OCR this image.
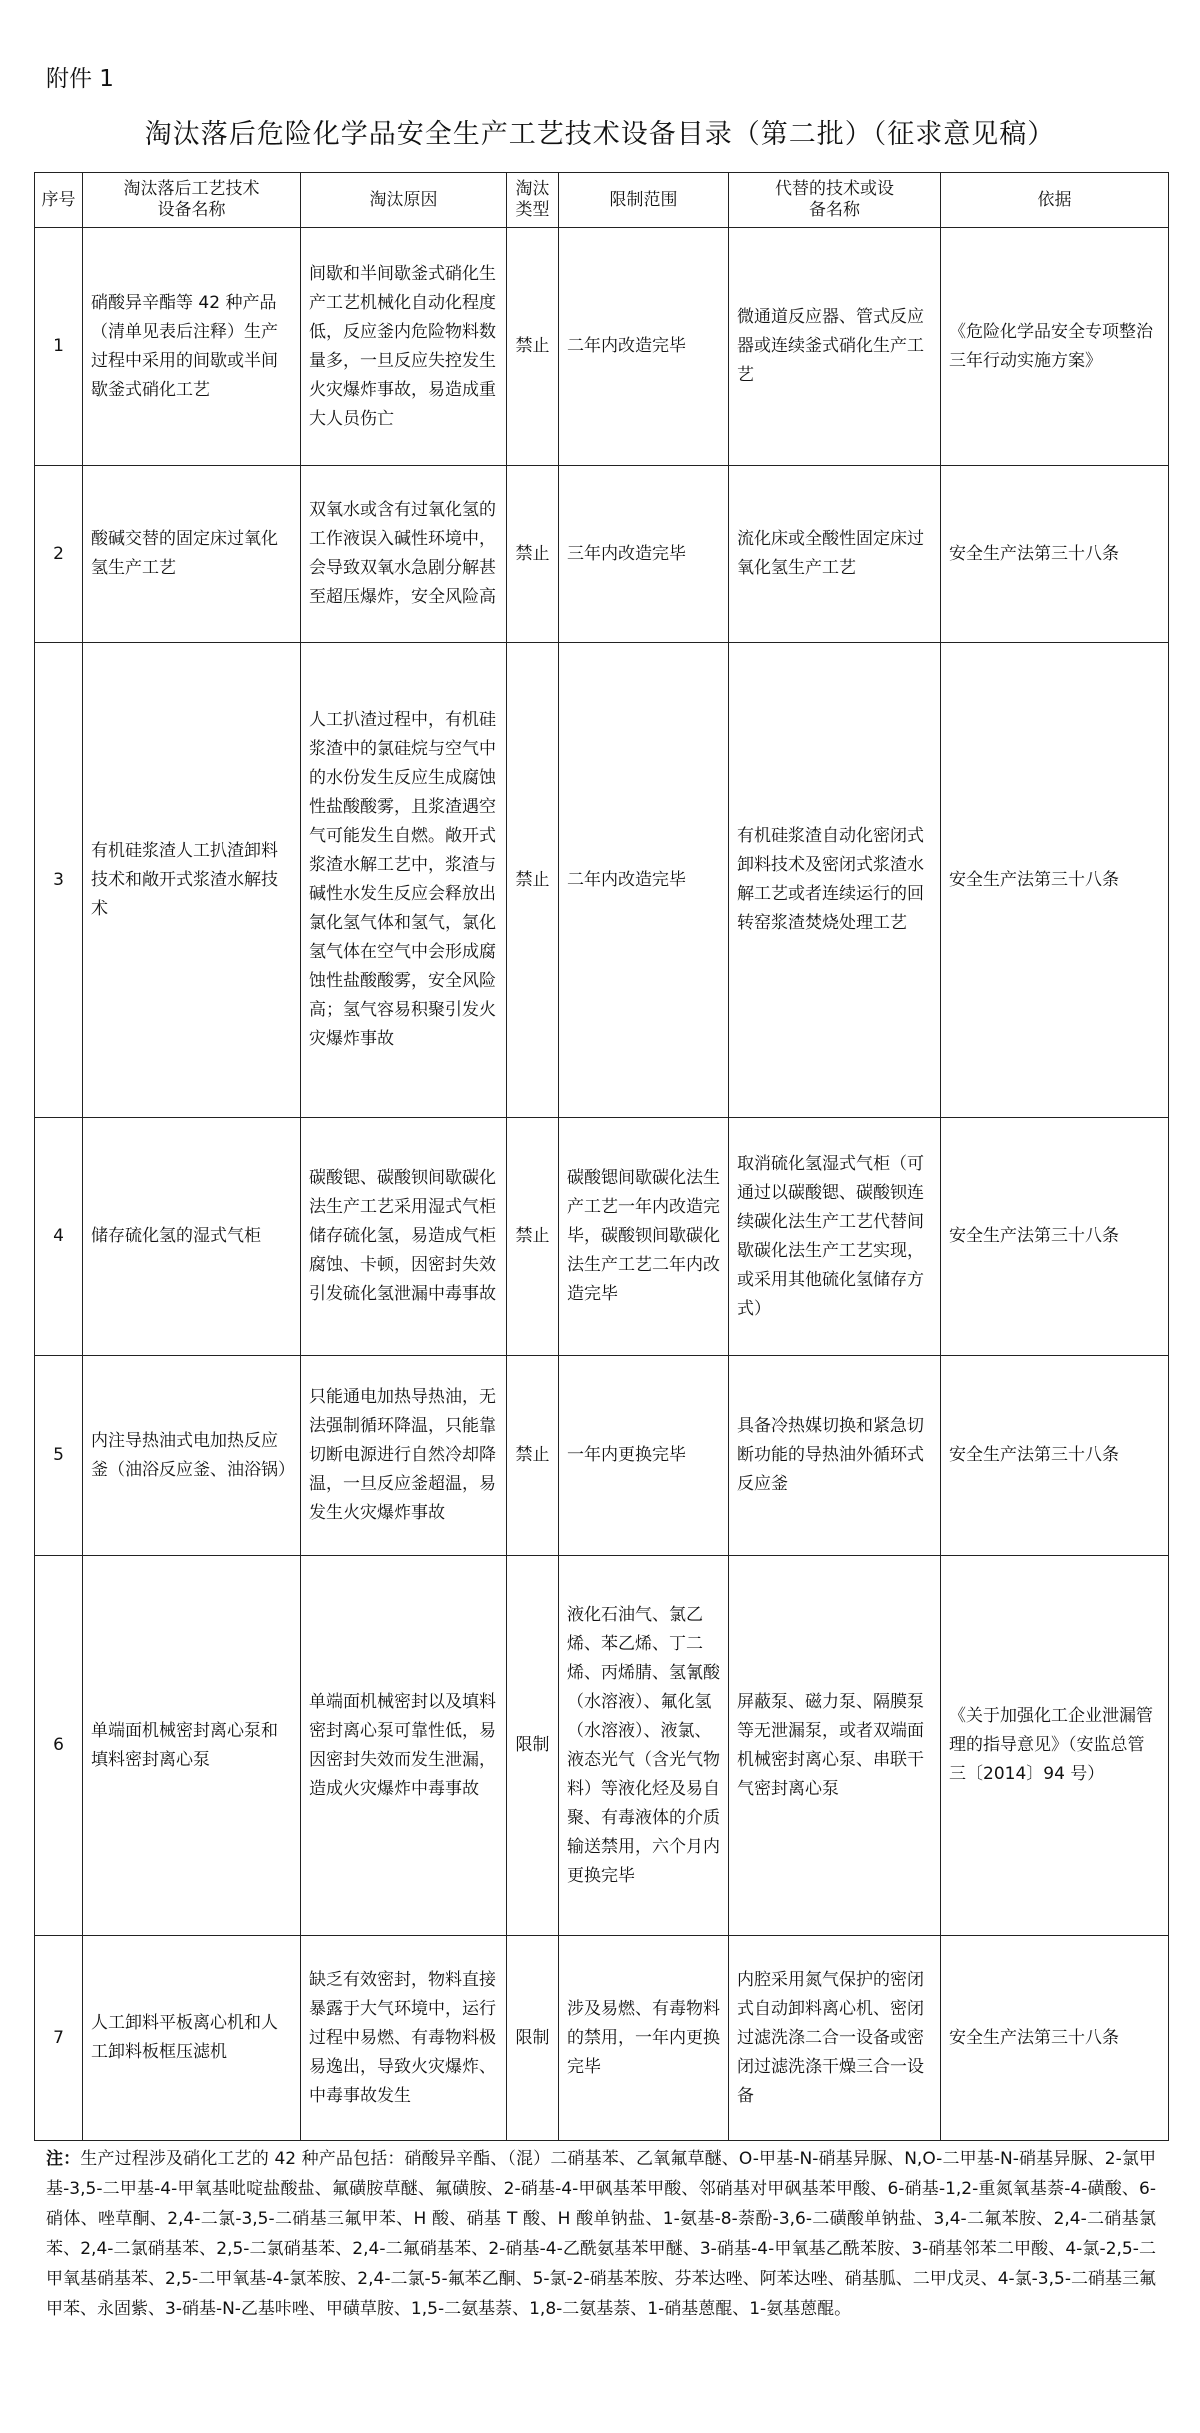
附件 1
淘汰落后危险化学品安全生产工艺技术设备目录（第二批）（征求意见稿）
序号	淘汰落后工艺技术设备名称	淘汰原因	淘汰类型	限制范围	代替的技术或设备名称	依据
1	硝酸异辛酯等 42 种产品（清单见表后注释）生产过程中采用的间歇或半间歇釜式硝化工艺	间歇和半间歇釜式硝化生产工艺机械化自动化程度低，反应釜内危险物料数量多，一旦反应失控发生火灾爆炸事故，易造成重大人员伤亡	禁止	二年内改造完毕	微通道反应器、管式反应器或连续釜式硝化生产工艺	《危险化学品安全专项整治三年行动实施方案》
2	酸碱交替的固定床过氧化氢生产工艺	双氧水或含有过氧化氢的工作液误入碱性环境中，会导致双氧水急剧分解甚至超压爆炸，安全风险高	禁止	三年内改造完毕	流化床或全酸性固定床过氧化氢生产工艺	安全生产法第三十八条
3	有机硅浆渣人工扒渣卸料技术和敞开式浆渣水解技术	人工扒渣过程中，有机硅浆渣中的氯硅烷与空气中的水份发生反应生成腐蚀性盐酸酸雾，且浆渣遇空气可能发生自燃。敞开式浆渣水解工艺中，浆渣与碱性水发生反应会释放出氯化氢气体和氢气，氯化氢气体在空气中会形成腐蚀性盐酸酸雾，安全风险高；氢气容易积聚引发火灾爆炸事故	禁止	二年内改造完毕	有机硅浆渣自动化密闭式卸料技术及密闭式浆渣水解工艺或者连续运行的回转窑浆渣焚烧处理工艺	安全生产法第三十八条
4	储存硫化氢的湿式气柜	碳酸锶、碳酸钡间歇碳化法生产工艺采用湿式气柜储存硫化氢，易造成气柜腐蚀、卡顿，因密封失效引发硫化氢泄漏中毒事故	禁止	碳酸锶间歇碳化法生产工艺一年内改造完毕，碳酸钡间歇碳化法生产工艺二年内改造完毕	取消硫化氢湿式气柜（可通过以碳酸锶、碳酸钡连续碳化法生产工艺代替间歇碳化法生产工艺实现，或采用其他硫化氢储存方式）	安全生产法第三十八条
5	内注导热油式电加热反应釜（油浴反应釜、油浴锅）	只能通电加热导热油，无法强制循环降温，只能靠切断电源进行自然冷却降温，一旦反应釜超温，易发生火灾爆炸事故	禁止	一年内更换完毕	具备冷热媒切换和紧急切断功能的导热油外循环式反应釜	安全生产法第三十八条
6	单端面机械密封离心泵和填料密封离心泵	单端面机械密封以及填料密封离心泵可靠性低，易因密封失效而发生泄漏，造成火灾爆炸中毒事故	限制	液化石油气、氯乙烯、苯乙烯、丁二烯、丙烯腈、氢氰酸（水溶液）、氟化氢（水溶液）、液氯、液态光气（含光气物料）等液化烃及易自聚、有毒液体的介质输送禁用，六个月内更换完毕	屏蔽泵、磁力泵、隔膜泵等无泄漏泵，或者双端面机械密封离心泵、串联干气密封离心泵	《关于加强化工企业泄漏管理的指导意见》（安监总管三〔2014〕94 号）
7	人工卸料平板离心机和人工卸料板框压滤机	缺乏有效密封，物料直接暴露于大气环境中，运行过程中易燃、有毒物料极易逸出，导致火灾爆炸、中毒事故发生	限制	涉及易燃、有毒物料的禁用，一年内更换完毕	内腔采用氮气保护的密闭式自动卸料离心机、密闭过滤洗涤二合一设备或密闭过滤洗涤干燥三合一设备	安全生产法第三十八条
注：生产过程涉及硝化工艺的 42 种产品包括：硝酸异辛酯、（混）二硝基苯、乙氧氟草醚、O-甲基-N-硝基异脲、N,O-二甲基-N-硝基异脲、2-氯甲基-3,5-二甲基-4-甲氧基吡啶盐酸盐、氟磺胺草醚、氟磺胺、2-硝基-4-甲砜基苯甲酸、邻硝基对甲砜基苯甲酸、6-硝基-1,2-重氮氧基萘-4-磺酸、6-硝体、唑草酮、2,4-二氯-3,5-二硝基三氟甲苯、H 酸、硝基 T 酸、H 酸单钠盐、1-氨基-8-萘酚-3,6-二磺酸单钠盐、3,4-二氟苯胺、2,4-二硝基氯苯、2,4-二氯硝基苯、2,5-二氯硝基苯、2,4-二氟硝基苯、2-硝基-4-乙酰氨基苯甲醚、3-硝基-4-甲氧基乙酰苯胺、3-硝基邻苯二甲酸、4-氯-2,5-二甲氧基硝基苯、2,5-二甲氧基-4-氯苯胺、2,4-二氯-5-氟苯乙酮、5-氯-2-硝基苯胺、芬苯达唑、阿苯达唑、硝基胍、二甲戊灵、4-氯-3,5-二硝基三氟甲苯、永固紫、3-硝基-N-乙基咔唑、甲磺草胺、1,5-二氨基萘、1,8-二氨基萘、1-硝基蒽醌、1-氨基蒽醌。
